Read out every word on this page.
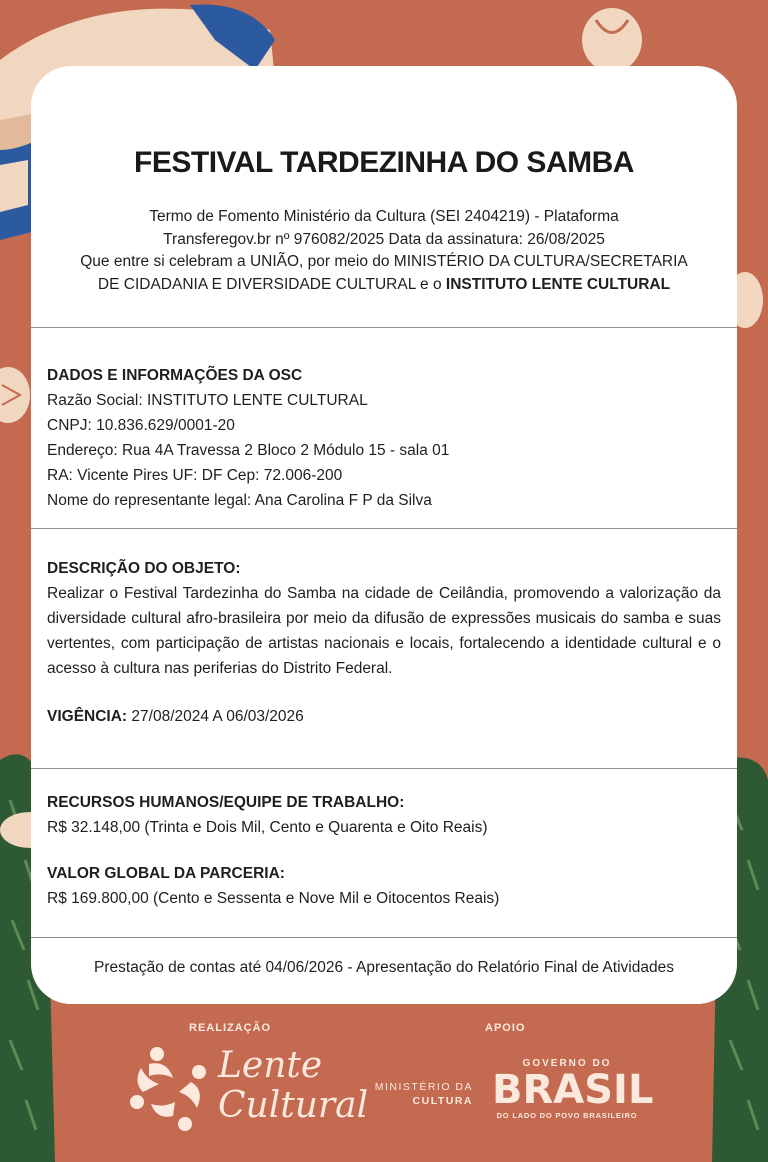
FESTIVAL TARDEZINHA DO SAMBA
Termo de Fomento Ministério da Cultura (SEI 2404219) - Plataforma
Transferegov.br nº 976082/2025 Data da assinatura: 26/08/2025
Que entre si celebram a UNIÃO, por meio do MINISTÉRIO DA CULTURA/SECRETARIA
DE CIDADANIA E DIVERSIDADE CULTURAL e o INSTITUTO LENTE CULTURAL
DADOS E INFORMAÇÕES DA OSC
Razão Social: INSTITUTO LENTE CULTURAL
CNPJ: 10.836.629/0001-20
Endereço: Rua 4A Travessa 2 Bloco 2 Módulo 15 - sala 01
RA: Vicente Pires UF: DF Cep: 72.006-200
Nome do representante legal: Ana Carolina F P da Silva
DESCRIÇÃO DO OBJETO:
Realizar o Festival Tardezinha do Samba na cidade de Ceilândia, promovendo a valorização da diversidade cultural afro-brasileira por meio da difusão de expressões musicais do samba e suas vertentes, com participação de artistas nacionais e locais, fortalecendo a identidade cultural e o acesso à cultura nas periferias do Distrito Federal.
VIGÊNCIA: 27/08/2024 A 06/03/2026
RECURSOS HUMANOS/EQUIPE DE TRABALHO:
R$ 32.148,00 (Trinta e Dois Mil, Cento e Quarenta e Oito Reais)
VALOR GLOBAL DA PARCERIA:
R$ 169.800,00 (Cento e Sessenta e Nove Mil e Oitocentos Reais)
Prestação de contas até 04/06/2026 - Apresentação do Relatório Final de Atividades
REALIZAÇÃO	APOIO
Lente
Cultural MINISTÉRIO DA
CULTURA
GOVERNO DO
BRASIL
DO LADO DO POVO BRASILEIRO
